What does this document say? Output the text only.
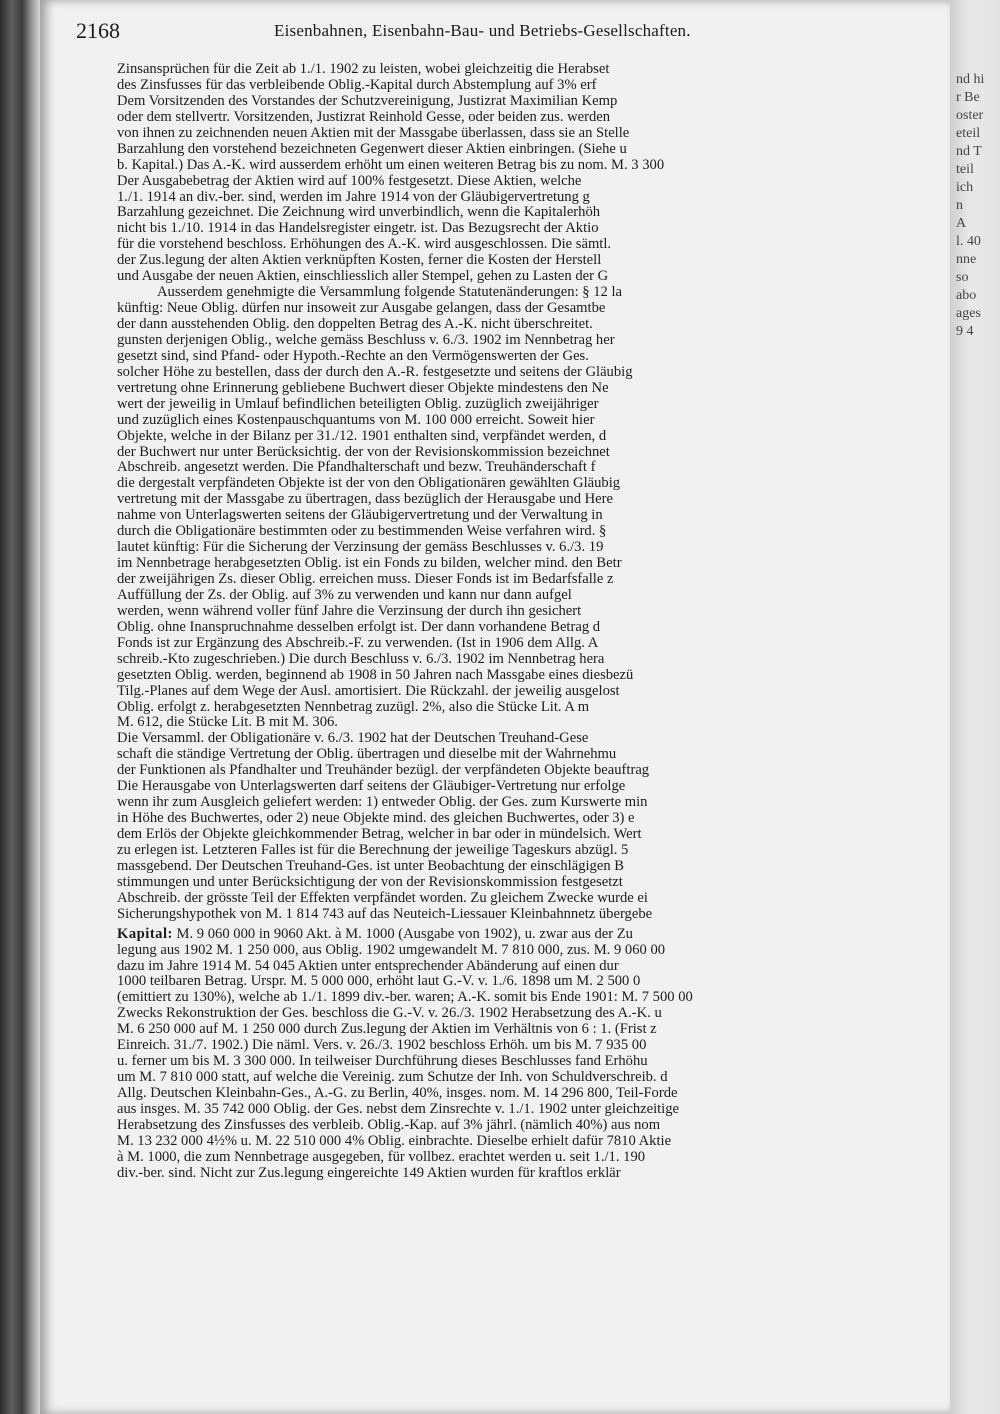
nd hi
r Be
oster
eteil
nd T
teil
ich
n
A
l. 40
nne
so
abo
ages
9 4
2168	Eisenbahnen, Eisenbahn-Bau- und Betriebs-Gesellschaften.

Zinsansprüchen für die Zeit ab 1./1. 1902 zu leisten, wobei gleichzeitig die Herabset

des Zinsfusses für das verbleibende Oblig.-Kapital durch Abstemplung auf 3% erf

Dem Vorsitzenden des Vorstandes der Schutzvereinigung, Justizrat Maximilian Kemp

oder dem stellvertr. Vorsitzenden, Justizrat Reinhold Gesse, oder beiden zus. werden

von ihnen zu zeichnenden neuen Aktien mit der Massgabe überlassen, dass sie an Stelle

Barzahlung den vorstehend bezeichneten Gegenwert dieser Aktien einbringen. (Siehe u

b. Kapital.) Das A.-K. wird ausserdem erhöht um einen weiteren Betrag bis zu nom. M. 3 300

Der Ausgabebetrag der Aktien wird auf 100% festgesetzt. Diese Aktien, welche

1./1. 1914 an div.-ber. sind, werden im Jahre 1914 von der Gläubigervertretung g

Barzahlung gezeichnet. Die Zeichnung wird unverbindlich, wenn die Kapitalerhöh

nicht bis 1./10. 1914 in das Handelsregister eingetr. ist. Das Bezugsrecht der Aktio

für die vorstehend beschloss. Erhöhungen des A.-K. wird ausgeschlossen. Die sämtl.

der Zus.legung der alten Aktien verknüpften Kosten, ferner die Kosten der Herstell

und Ausgabe der neuen Aktien, einschliesslich aller Stempel, gehen zu Lasten der G

Ausserdem genehmigte die Versammlung folgende Statutenänderungen: § 12 la

künftig: Neue Oblig. dürfen nur insoweit zur Ausgabe gelangen, dass der Gesamtbe

der dann ausstehenden Oblig. den doppelten Betrag des A.-K. nicht überschreitet.

gunsten derjenigen Oblig., welche gemäss Beschluss v. 6./3. 1902 im Nennbetrag her

gesetzt sind, sind Pfand- oder Hypoth.-Rechte an den Vermögenswerten der Ges.

solcher Höhe zu bestellen, dass der durch den A.-R. festgesetzte und seitens der Gläubig

vertretung ohne Erinnerung gebliebene Buchwert dieser Objekte mindestens den Ne

wert der jeweilig in Umlauf befindlichen beteiligten Oblig. zuzüglich zweijähriger

und zuzüglich eines Kostenpauschquantums von M. 100 000 erreicht. Soweit hier

Objekte, welche in der Bilanz per 31./12. 1901 enthalten sind, verpfändet werden, d

der Buchwert nur unter Berücksichtig. der von der Revisionskommission bezeichnet

Abschreib. angesetzt werden. Die Pfandhalterschaft und bezw. Treuhänderschaft f

die dergestalt verpfändeten Objekte ist der von den Obligationären gewählten Gläubig

vertretung mit der Massgabe zu übertragen, dass bezüglich der Herausgabe und Here

nahme von Unterlagswerten seitens der Gläubigervertretung und der Verwaltung in

durch die Obligationäre bestimmten oder zu bestimmenden Weise verfahren wird. §

lautet künftig: Für die Sicherung der Verzinsung der gemäss Beschlusses v. 6./3. 19

im Nennbetrage herabgesetzten Oblig. ist ein Fonds zu bilden, welcher mind. den Betr

der zweijährigen Zs. dieser Oblig. erreichen muss. Dieser Fonds ist im Bedarfsfalle z

Auffüllung der Zs. der Oblig. auf 3% zu verwenden und kann nur dann aufgel

werden, wenn während voller fünf Jahre die Verzinsung der durch ihn gesichert

Oblig. ohne Inanspruchnahme desselben erfolgt ist. Der dann vorhandene Betrag d

Fonds ist zur Ergänzung des Abschreib.-F. zu verwenden. (Ist in 1906 dem Allg. A

schreib.-Kto zugeschrieben.) Die durch Beschluss v. 6./3. 1902 im Nennbetrag hera

gesetzten Oblig. werden, beginnend ab 1908 in 50 Jahren nach Massgabe eines diesbezü

Tilg.-Planes auf dem Wege der Ausl. amortisiert. Die Rückzahl. der jeweilig ausgelost

Oblig. erfolgt z. herabgesetzten Nennbetrag zuzügl. 2%, also die Stücke Lit. A m

M. 612, die Stücke Lit. B mit M. 306.

Die Versamml. der Obligationäre v. 6./3. 1902 hat der Deutschen Treuhand-Gese

schaft die ständige Vertretung der Oblig. übertragen und dieselbe mit der Wahrnehmu

der Funktionen als Pfandhalter und Treuhänder bezügl. der verpfändeten Objekte beauftrag

Die Herausgabe von Unterlagswerten darf seitens der Gläubiger-Vertretung nur erfolge

wenn ihr zum Ausgleich geliefert werden: 1) entweder Oblig. der Ges. zum Kurswerte min

in Höhe des Buchwertes, oder 2) neue Objekte mind. des gleichen Buchwertes, oder 3) e

dem Erlös der Objekte gleichkommender Betrag, welcher in bar oder in mündelsich. Wert

zu erlegen ist. Letzteren Falles ist für die Berechnung der jeweilige Tageskurs abzügl. 5

massgebend. Der Deutschen Treuhand-Ges. ist unter Beobachtung der einschlägigen B

stimmungen und unter Berücksichtigung der von der Revisionskommission festgesetzt

Abschreib. der grösste Teil der Effekten verpfändet worden. Zu gleichem Zwecke wurde ei

Sicherungshypothek von M. 1 814 743 auf das Neuteich-Liessauer Kleinbahnnetz übergebe

Kapital: M. 9 060 000 in 9060 Akt. à M. 1000 (Ausgabe von 1902), u. zwar aus der Zu

legung aus 1902 M. 1 250 000, aus Oblig. 1902 umgewandelt M. 7 810 000, zus. M. 9 060 00

dazu im Jahre 1914 M. 54 045 Aktien unter entsprechender Abänderung auf einen dur

1000 teilbaren Betrag. Urspr. M. 5 000 000, erhöht laut G.-V. v. 1./6. 1898 um M. 2 500 0

(emittiert zu 130%), welche ab 1./1. 1899 div.-ber. waren; A.-K. somit bis Ende 1901: M. 7 500 00

Zwecks Rekonstruktion der Ges. beschloss die G.-V. v. 26./3. 1902 Herabsetzung des A.-K. u

M. 6 250 000 auf M. 1 250 000 durch Zus.legung der Aktien im Verhältnis von 6 : 1. (Frist z

Einreich. 31./7. 1902.) Die näml. Vers. v. 26./3. 1902 beschloss Erhöh. um bis M. 7 935 00

u. ferner um bis M. 3 300 000. In teilweiser Durchführung dieses Beschlusses fand Erhöhu

um M. 7 810 000 statt, auf welche die Vereinig. zum Schutze der Inh. von Schuldverschreib. d

Allg. Deutschen Kleinbahn-Ges., A.-G. zu Berlin, 40%, insges. nom. M. 14 296 800, Teil-Forde

aus insges. M. 35 742 000 Oblig. der Ges. nebst dem Zinsrechte v. 1./1. 1902 unter gleichzeitige

Herabsetzung des Zinsfusses des verbleib. Oblig.-Kap. auf 3% jährl. (nämlich 40%) aus nom

M. 13 232 000 4½% u. M. 22 510 000 4% Oblig. einbrachte. Dieselbe erhielt dafür 7810 Aktie

à M. 1000, die zum Nennbetrage ausgegeben, für vollbez. erachtet werden u. seit 1./1. 190

div.-ber. sind. Nicht zur Zus.legung eingereichte 149 Aktien wurden für kraftlos erklär
